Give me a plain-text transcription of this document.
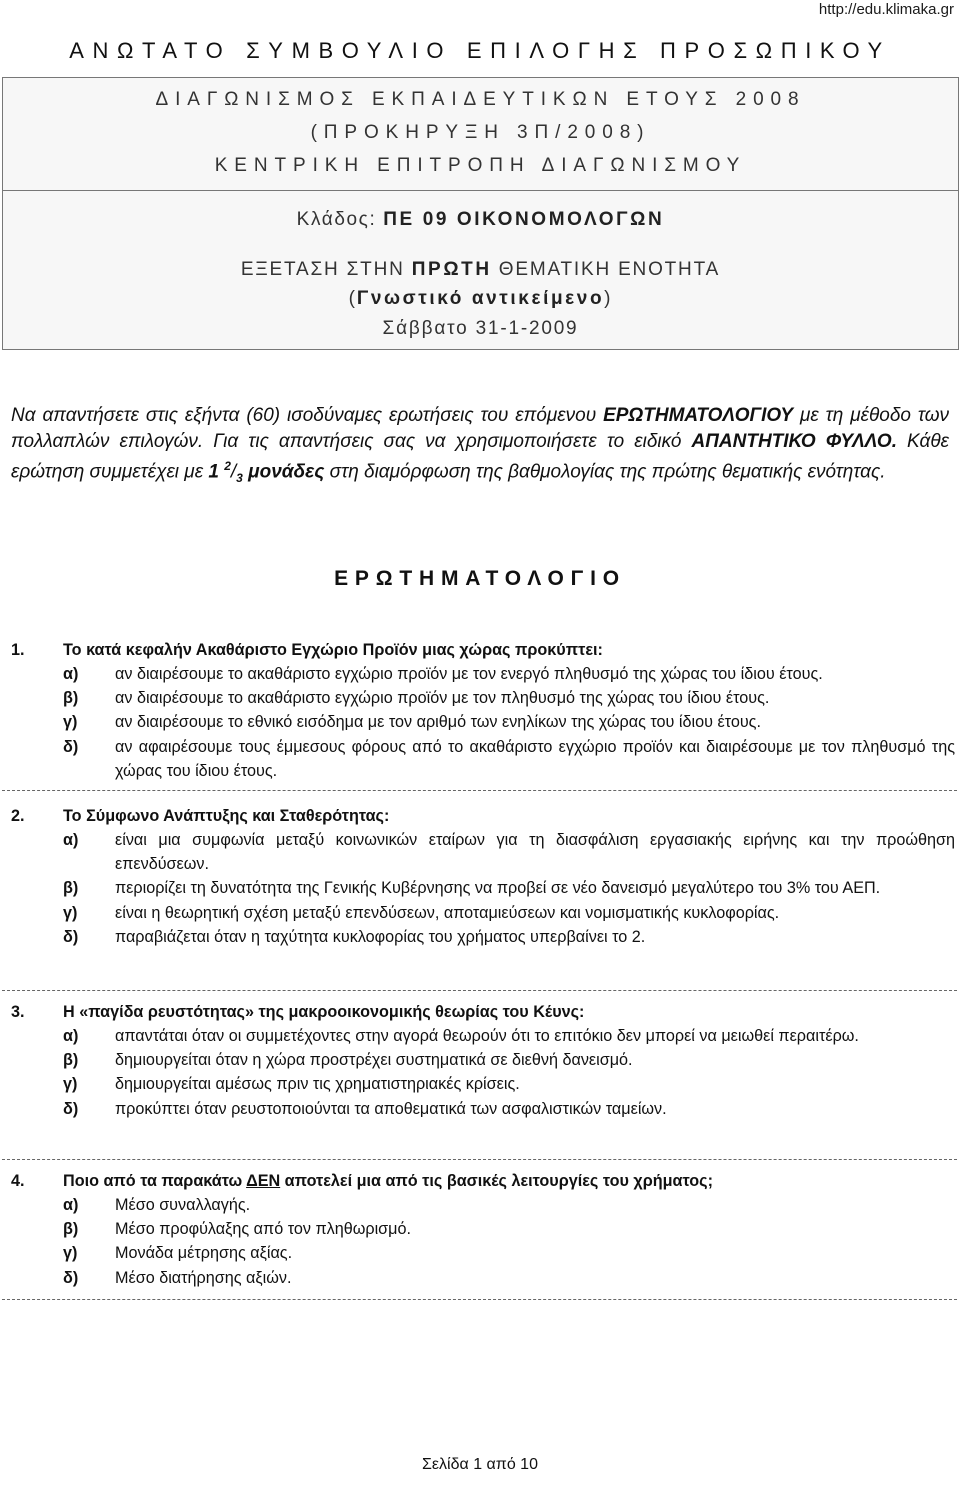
http://edu.klimaka.gr
ΑΝΩΤΑΤΟ ΣΥΜΒΟΥΛΙΟ ΕΠΙΛΟΓΗΣ ΠΡΟΣΩΠΙΚΟΥ
ΔΙΑΓΩΝΙΣΜΟΣ ΕΚΠΑΙΔΕΥΤΙΚΩΝ ΕΤΟΥΣ 2008
(ΠΡΟΚΗΡΥΞΗ 3Π/2008)
ΚΕΝΤΡΙΚΗ ΕΠΙΤΡΟΠΗ ΔΙΑΓΩΝΙΣΜΟΥ
Κλάδος: ΠΕ 09 ΟΙΚΟΝΟΜΟΛΟΓΩΝ
ΕΞΕΤΑΣΗ ΣΤΗΝ ΠΡΩΤΗ ΘΕΜΑΤΙΚΗ ΕΝΟΤΗΤΑ
(Γνωστικό αντικείμενο)
Σάββατο 31-1-2009
Να απαντήσετε στις εξήντα (60) ισοδύναμες ερωτήσεις του επόμενου ΕΡΩΤΗΜΑΤΟΛΟΓΙΟΥ με τη μέθοδο των πολλαπλών επιλογών. Για τις απαντήσεις σας να χρησιμοποιήσετε το ειδικό ΑΠΑΝΤΗΤΙΚΟ ΦΥΛΛΟ. Κάθε ερώτηση συμμετέχει με 1 $^2/_3$ μονάδες στη διαμόρφωση της βαθμολογίας της πρώτης θεματικής ενότητας.
ΕΡΩΤΗΜΑΤΟΛΟΓΙΟ
1. Το κατά κεφαλήν Ακαθάριστο Εγχώριο Προϊόν μιας χώρας προκύπτει:
α) αν διαιρέσουμε το ακαθάριστο εγχώριο προϊόν με τον ενεργό πληθυσμό της χώρας του ίδιου έτους.
β) αν διαιρέσουμε το ακαθάριστο εγχώριο προϊόν με τον πληθυσμό της χώρας του ίδιου έτους.
γ) αν διαιρέσουμε το εθνικό εισόδημα με τον αριθμό των ενηλίκων της χώρας του ίδιου έτους.
δ) αν αφαιρέσουμε τους έμμεσους φόρους από το ακαθάριστο εγχώριο προϊόν και διαιρέσουμε με τον πληθυσμό της χώρας του ίδιου έτους.
2. Το Σύμφωνο Ανάπτυξης και Σταθερότητας:
α) είναι μια συμφωνία μεταξύ κοινωνικών εταίρων για τη διασφάλιση εργασιακής ειρήνης και την προώθηση επενδύσεων.
β) περιορίζει τη δυνατότητα της Γενικής Κυβέρνησης να προβεί σε νέο δανεισμό μεγαλύτερο του 3% του ΑΕΠ.
γ) είναι η θεωρητική σχέση μεταξύ επενδύσεων, αποταμιεύσεων και νομισματικής κυκλοφορίας.
δ) παραβιάζεται όταν η ταχύτητα κυκλοφορίας του χρήματος υπερβαίνει το 2.
3. Η «παγίδα ρευστότητας» της μακροοικονομικής θεωρίας του Κέυνς:
α) απαντάται όταν οι συμμετέχοντες στην αγορά θεωρούν ότι το επιτόκιο δεν μπορεί να μειωθεί περαιτέρω.
β) δημιουργείται όταν η χώρα προστρέχει συστηματικά σε διεθνή δανεισμό.
γ) δημιουργείται αμέσως πριν τις χρηματιστηριακές κρίσεις.
δ) προκύπτει όταν ρευστοποιούνται τα αποθεματικά των ασφαλιστικών ταμείων.
4. Ποιο από τα παρακάτω ΔΕΝ αποτελεί μια από τις βασικές λειτουργίες του χρήματος;
α) Μέσο συναλλαγής.
β) Μέσο προφύλαξης από τον πληθωρισμό.
γ) Μονάδα μέτρησης αξίας.
δ) Μέσο διατήρησης αξιών.
Σελίδα 1 από 10
